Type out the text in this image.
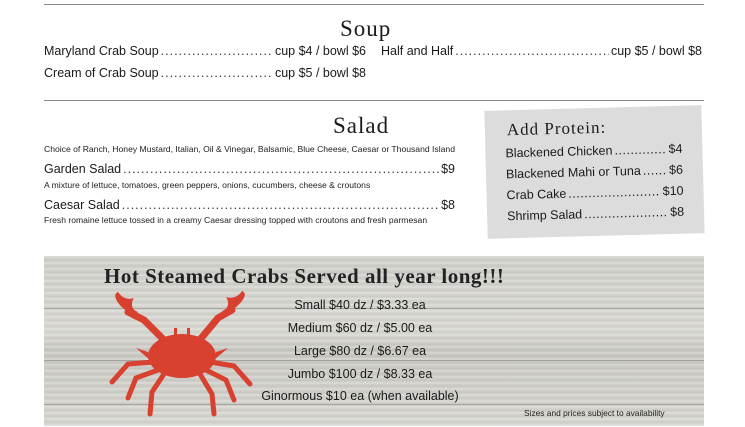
Soup
Maryland Crab Soup .....	cup $4 / bowl $6 Half and Half .....	cup $5 / bowl $8
Cream of Crab Soup .....	cup $5 / bowl $8
Salad
Choice of Ranch, Honey Mustard, Italian, Oil & Vinegar, Balsamic, Blue Cheese, Caesar or Thousand Island
Garden Salad .....	$9
A mixture of lettuce, tomatoes, green peppers, onions, cucumbers, cheese & croutons
Caesar Salad .....	$8
Fresh romaine lettuce tossed in a creamy Caesar dressing topped with croutons and fresh parmesan
Add Protein:
Blackened Chicken .....	$4
Blackened Mahi or Tuna ..... $6
Crab Cake .....	$10
Shrimp Salad .....	$8
Hot Steamed Crabs Served all year long!!!
Small $40 dz / $3.33 ea
Medium $60 dz / $5.00 ea
Large $80 dz / $6.67 ea
Jumbo $100 dz / $8.33 ea
Ginormous $10 ea (when available)
Sizes and prices subject to availability
